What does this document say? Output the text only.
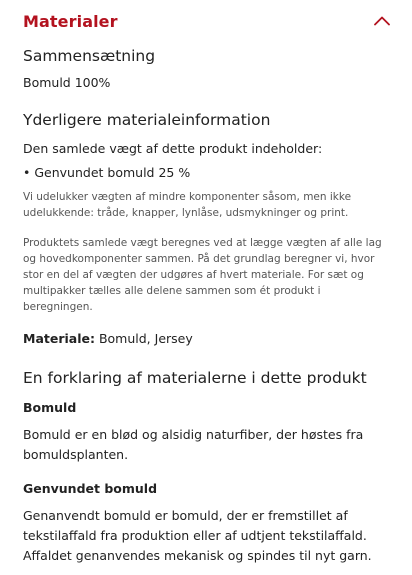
Materialer
Sammensætning

Bomuld 100%

Yderligere materialeinformation

Den samlede vægt af dette produkt indeholder:

• Genvundet bomuld 25 %

Vi udelukker vægten af mindre komponenter såsom, men ikke udelukkende: tråde, knapper, lynlåse, udsmykninger og print.

Produktets samlede vægt beregnes ved at lægge vægten af alle lag og hovedkomponenter sammen. På det grundlag beregner vi, hvor stor en del af vægten der udgøres af hvert materiale. For sæt og multipakker tælles alle delene sammen som ét produkt i beregningen.

Materiale: Bomuld, Jersey

En forklaring af materialerne i dette produkt

Bomuld

Bomuld er en blød og alsidig naturfiber, der høstes fra bomuldsplanten.

Genvundet bomuld

Genanvendt bomuld er bomuld, der er fremstillet af tekstilaffald fra produktion eller af udtjent tekstilaffald. Affaldet genanvendes mekanisk og spindes til nyt garn.
